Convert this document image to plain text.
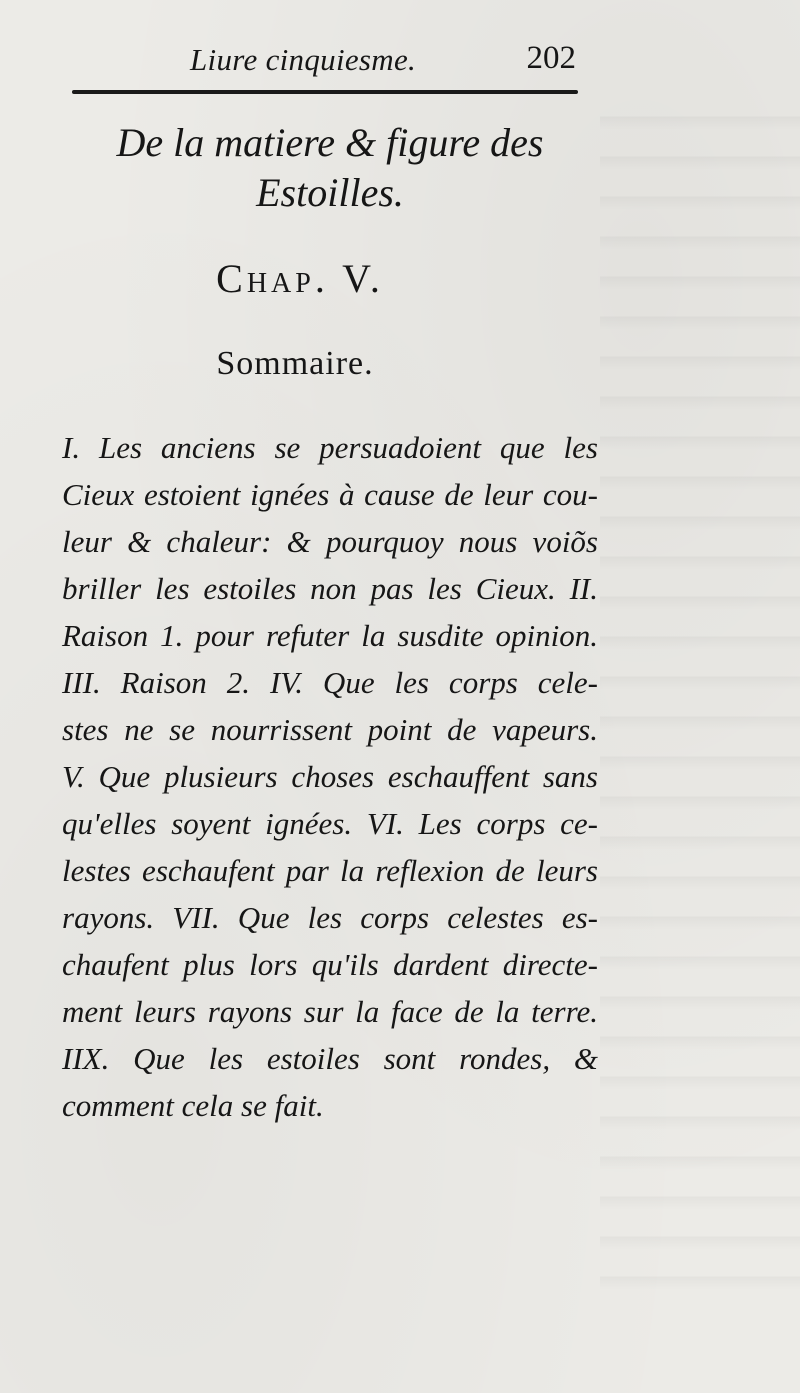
Liure cinquiesme.	202
De la matiere & figure des
Estoilles.
Chap. V.
Sommaire.
I. Les anciens se persuadoient que les
Cieux estoient ignées à cause de leur cou-
leur & chaleur: & pourquoy nous voiõs
briller les estoiles non pas les Cieux. II.
Raison 1. pour refuter la susdite opinion.
III. Raison 2. IV. Que les corps cele-
stes ne se nourrissent point de vapeurs.
V. Que plusieurs choses eschauffent sans
qu'elles soyent ignées. VI. Les corps ce-
lestes eschaufent par la reflexion de leurs
rayons. VII. Que les corps celestes es-
chaufent plus lors qu'ils dardent directe-
ment leurs rayons sur la face de la terre.
IIX. Que les estoiles sont rondes, &
comment cela se fait.
